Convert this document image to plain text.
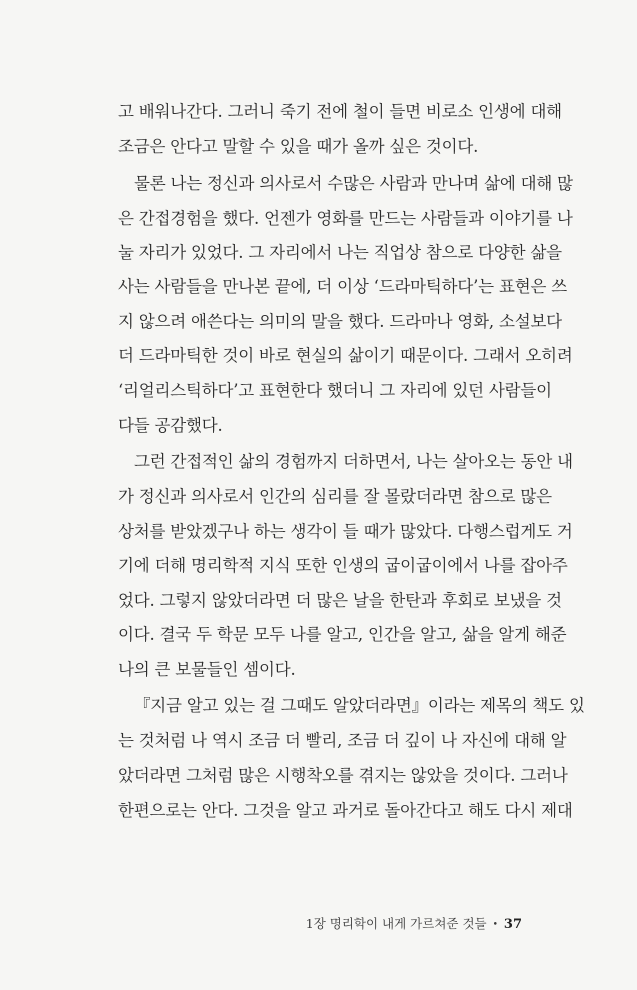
고 배워나간다. 그러니 죽기 전에 철이 들면 비로소 인생에 대해
조금은 안다고 말할 수 있을 때가 올까 싶은 것이다.
물론 나는 정신과 의사로서 수많은 사람과 만나며 삶에 대해 많
은 간접경험을 했다. 언젠가 영화를 만드는 사람들과 이야기를 나
눌 자리가 있었다. 그 자리에서 나는 직업상 참으로 다양한 삶을
사는 사람들을 만나본 끝에, 더 이상 ‘드라마틱하다’는 표현은 쓰
지 않으려 애쓴다는 의미의 말을 했다. 드라마나 영화, 소설보다
더 드라마틱한 것이 바로 현실의 삶이기 때문이다. 그래서 오히려
‘리얼리스틱하다’고 표현한다 했더니 그 자리에 있던 사람들이
다들 공감했다.
그런 간접적인 삶의 경험까지 더하면서, 나는 살아오는 동안 내
가 정신과 의사로서 인간의 심리를 잘 몰랐더라면 참으로 많은
상처를 받았겠구나 하는 생각이 들 때가 많았다. 다행스럽게도 거
기에 더해 명리학적 지식 또한 인생의 굽이굽이에서 나를 잡아주
었다. 그렇지 않았더라면 더 많은 날을 한탄과 후회로 보냈을 것
이다. 결국 두 학문 모두 나를 알고, 인간을 알고, 삶을 알게 해준
나의 큰 보물들인 셈이다.
『지금 알고 있는 걸 그때도 알았더라면』이라는 제목의 책도 있
는 것처럼 나 역시 조금 더 빨리, 조금 더 깊이 나 자신에 대해 알
았더라면 그처럼 많은 시행착오를 겪지는 않았을 것이다. 그러나
한편으로는 안다. 그것을 알고 과거로 돌아간다고 해도 다시 제대
1장 명리학이 내게 가르쳐준 것들 • 37
